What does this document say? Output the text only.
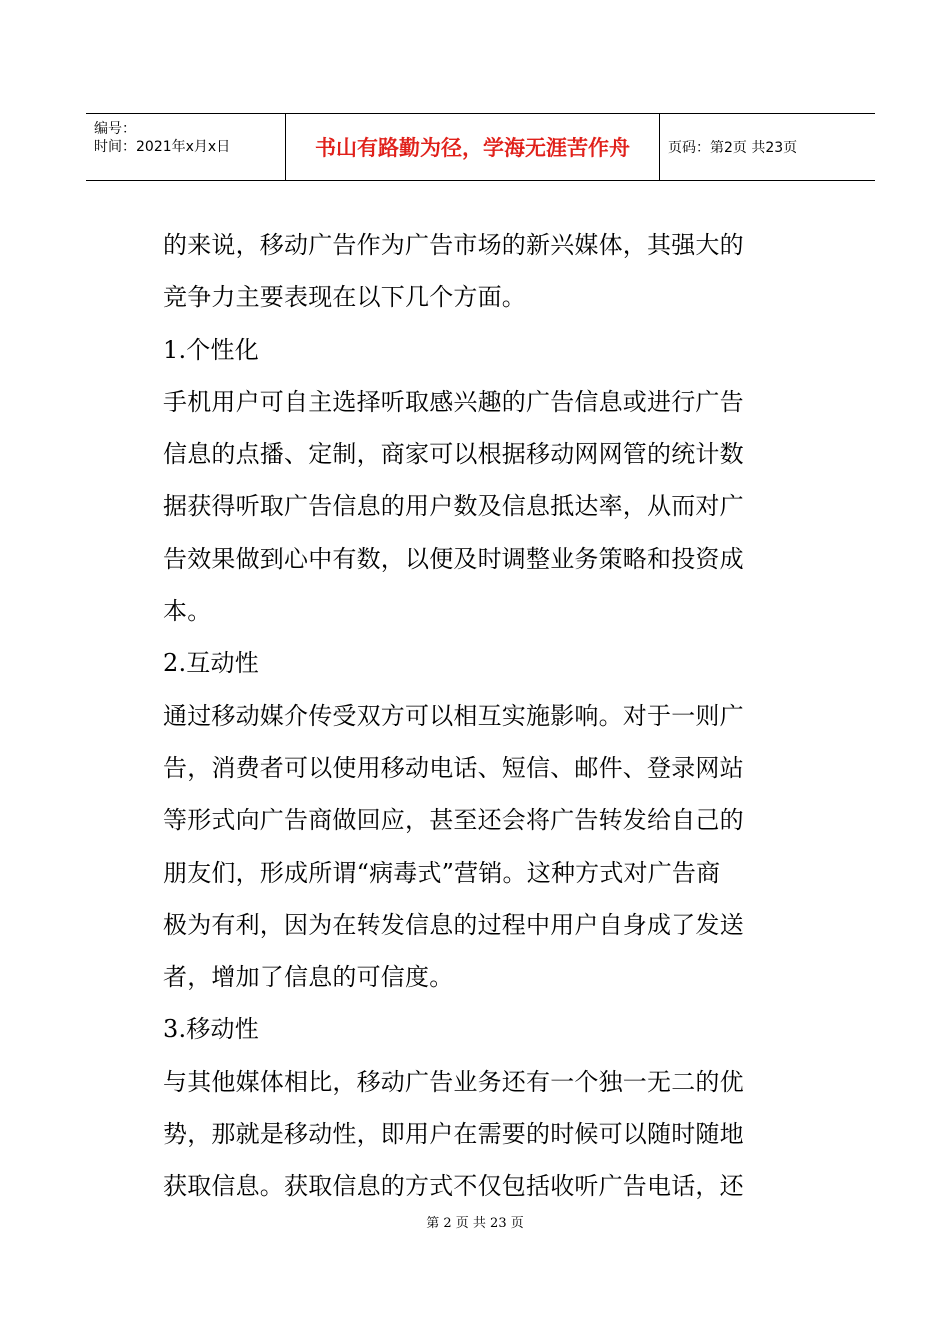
编号：
时间：2021年x月x日	书山有路勤为径，学海无涯苦作舟	页码：第2页 共23页

的来说，移动广告作为广告市场的新兴媒体，其强大的

竞争力主要表现在以下几个方面。

1.个性化

手机用户可自主选择听取感兴趣的广告信息或进行广告

信息的点播、定制，商家可以根据移动网网管的统计数

据获得听取广告信息的用户数及信息抵达率，从而对广

告效果做到心中有数，以便及时调整业务策略和投资成

本。

2.互动性

通过移动媒介传受双方可以相互实施影响。对于一则广

告，消费者可以使用移动电话、短信、邮件、登录网站

等形式向广告商做回应，甚至还会将广告转发给自己的

朋友们，形成所谓“病毒式”营销。这种方式对广告商

极为有利，因为在转发信息的过程中用户自身成了发送

者，增加了信息的可信度。

3.移动性

与其他媒体相比，移动广告业务还有一个独一无二的优

势，那就是移动性，即用户在需要的时候可以随时随地

获取信息。获取信息的方式不仅包括收听广告电话，还

第 2 页 共 23 页
